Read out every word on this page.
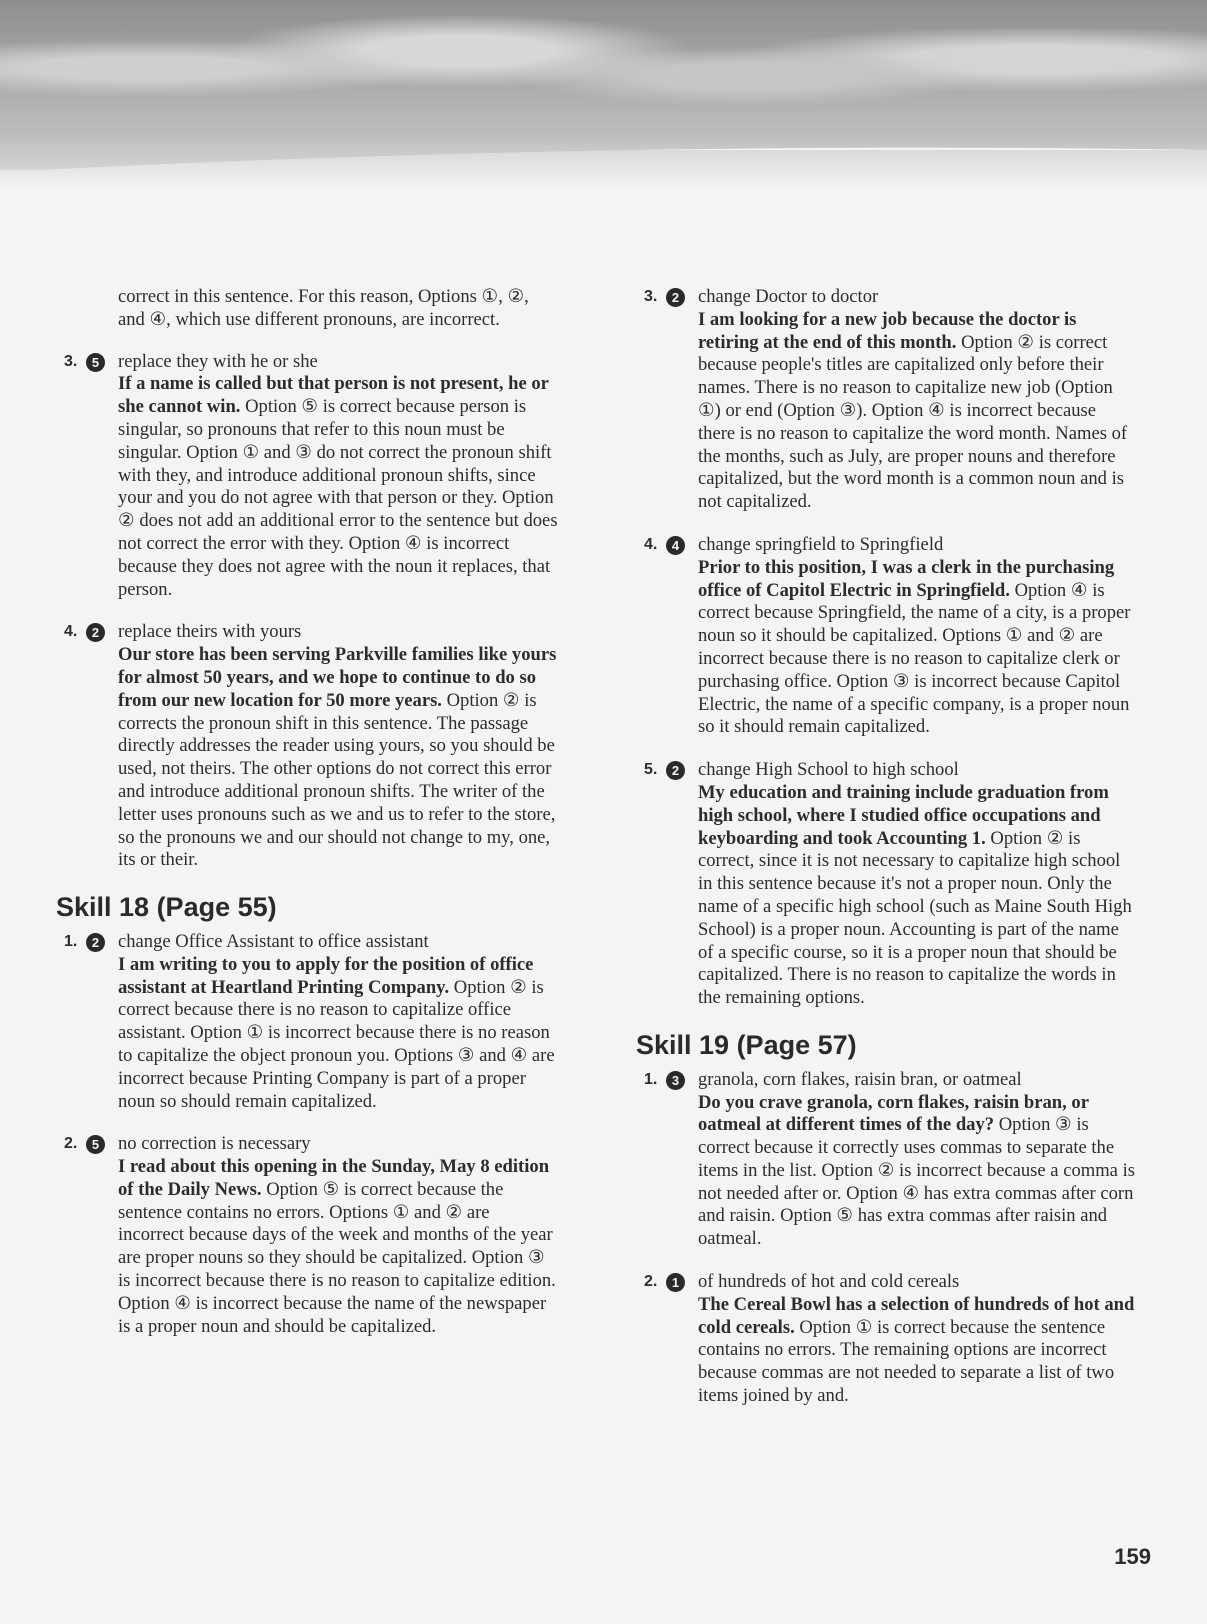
correct in this sentence. For this reason, Options ①, ②, and ④, which use different pronouns, are incorrect.

3.	5	replace they with he or she
If a name is called but that person is not present, he or she cannot win. Option ⑤ is correct because person is singular, so pronouns that refer to this noun must be singular. Option ① and ③ do not correct the pronoun shift with they, and introduce additional pronoun shifts, since your and you do not agree with that person or they. Option ② does not add an additional error to the sentence but does not correct the error with they. Option ④ is incorrect because they does not agree with the noun it replaces, that person.
4.	2	replace theirs with yours
Our store has been serving Parkville families like yours for almost 50 years, and we hope to continue to do so from our new location for 50 more years. Option ② is corrects the pronoun shift in this sentence. The passage directly addresses the reader using yours, so you should be used, not theirs. The other options do not correct this error and introduce additional pronoun shifts. The writer of the letter uses pronouns such as we and us to refer to the store, so the pronouns we and our should not change to my, one, its or their.
Skill 18 (Page 55)
1.	2	change Office Assistant to office assistant
I am writing to you to apply for the position of office assistant at Heartland Printing Company. Option ② is correct because there is no reason to capitalize office assistant. Option ① is incorrect because there is no reason to capitalize the object pronoun you. Options ③ and ④ are incorrect because Printing Company is part of a proper noun so should remain capitalized.
2.	5	no correction is necessary
I read about this opening in the Sunday, May 8 edition of the Daily News. Option ⑤ is correct because the sentence contains no errors. Options ① and ② are incorrect because days of the week and months of the year are proper nouns so they should be capitalized. Option ③ is incorrect because there is no reason to capitalize edition. Option ④ is incorrect because the name of the newspaper is a proper noun and should be capitalized.
3.	2	change Doctor to doctor
I am looking for a new job because the doctor is retiring at the end of this month. Option ② is correct because people's titles are capitalized only before their names. There is no reason to capitalize new job (Option ①) or end (Option ③). Option ④ is incorrect because there is no reason to capitalize the word month. Names of the months, such as July, are proper nouns and therefore capitalized, but the word month is a common noun and is not capitalized.
4.	4	change springfield to Springfield
Prior to this position, I was a clerk in the purchasing office of Capitol Electric in Springfield. Option ④ is correct because Springfield, the name of a city, is a proper noun so it should be capitalized. Options ① and ② are incorrect because there is no reason to capitalize clerk or purchasing office. Option ③ is incorrect because Capitol Electric, the name of a specific company, is a proper noun so it should remain capitalized.
5.	2	change High School to high school
My education and training include graduation from high school, where I studied office occupations and keyboarding and took Accounting 1. Option ② is correct, since it is not necessary to capitalize high school in this sentence because it's not a proper noun. Only the name of a specific high school (such as Maine South High School) is a proper noun. Accounting is part of the name of a specific course, so it is a proper noun that should be capitalized. There is no reason to capitalize the words in the remaining options.
Skill 19 (Page 57)
1.	3	granola, corn flakes, raisin bran, or oatmeal
Do you crave granola, corn flakes, raisin bran, or oatmeal at different times of the day? Option ③ is correct because it correctly uses commas to separate the items in the list. Option ② is incorrect because a comma is not needed after or. Option ④ has extra commas after corn and raisin. Option ⑤ has extra commas after raisin and oatmeal.
2.	1	of hundreds of hot and cold cereals
The Cereal Bowl has a selection of hundreds of hot and cold cereals. Option ① is correct because the sentence contains no errors. The remaining options are incorrect because commas are not needed to separate a list of two items joined by and.
159
